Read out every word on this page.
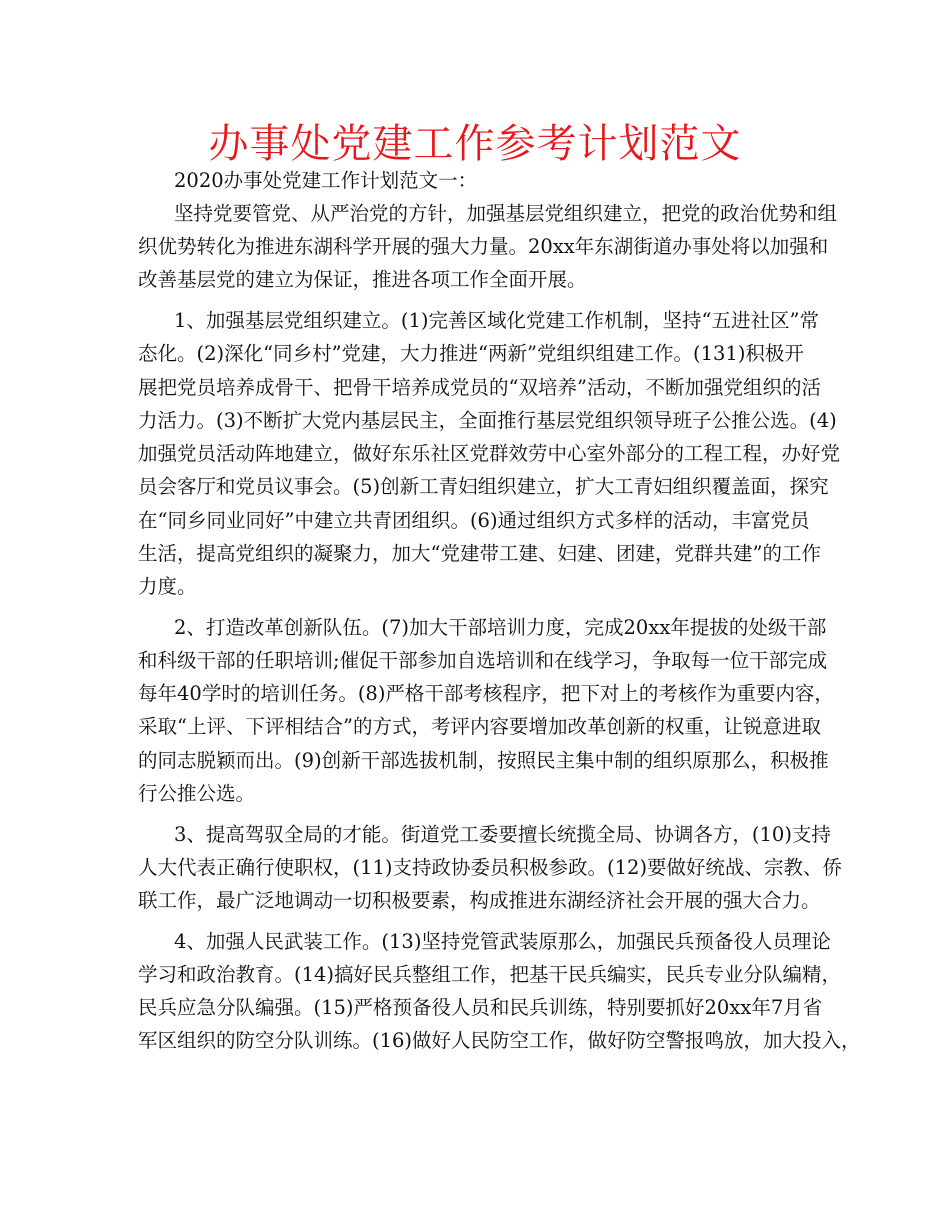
办事处党建工作参考计划范文
2020办事处党建工作计划范文一：
坚持党要管党、从严治党的方针，加强基层党组织建立，把党的政治优势和组
织优势转化为推进东湖科学开展的强大力量。20xx年东湖街道办事处将以加强和
改善基层党的建立为保证，推进各项工作全面开展。
1、加强基层党组织建立。(1)完善区域化党建工作机制，坚持“五进社区”常
态化。(2)深化“同乡村”党建，大力推进“两新”党组织组建工作。(131)积极开
展把党员培养成骨干、把骨干培养成党员的“双培养”活动，不断加强党组织的活
力活力。(3)不断扩大党内基层民主，全面推行基层党组织领导班子公推公选。(4)
加强党员活动阵地建立，做好东乐社区党群效劳中心室外部分的工程工程，办好党
员会客厅和党员议事会。(5)创新工青妇组织建立，扩大工青妇组织覆盖面，探究
在“同乡同业同好”中建立共青团组织。(6)通过组织方式多样的活动，丰富党员
生活，提高党组织的凝聚力，加大“党建带工建、妇建、团建，党群共建”的工作
力度。
2、打造改革创新队伍。(7)加大干部培训力度，完成20xx年提拔的处级干部
和科级干部的任职培训;催促干部参加自选培训和在线学习，争取每一位干部完成
每年40学时的培训任务。(8)严格干部考核程序，把下对上的考核作为重要内容，
采取“上评、下评相结合”的方式，考评内容要增加改革创新的权重，让锐意进取
的同志脱颖而出。(9)创新干部选拔机制，按照民主集中制的组织原那么，积极推
行公推公选。
3、提高驾驭全局的才能。街道党工委要擅长统揽全局、协调各方，(10)支持
人大代表正确行使职权，(11)支持政协委员积极参政。(12)要做好统战、宗教、侨
联工作，最广泛地调动一切积极要素，构成推进东湖经济社会开展的强大合力。
4、加强人民武装工作。(13)坚持党管武装原那么，加强民兵预备役人员理论
学习和政治教育。(14)搞好民兵整组工作，把基干民兵编实，民兵专业分队编精，
民兵应急分队编强。(15)严格预备役人员和民兵训练，特别要抓好20xx年7月省
军区组织的防空分队训练。(16)做好人民防空工作，做好防空警报鸣放，加大投入，
